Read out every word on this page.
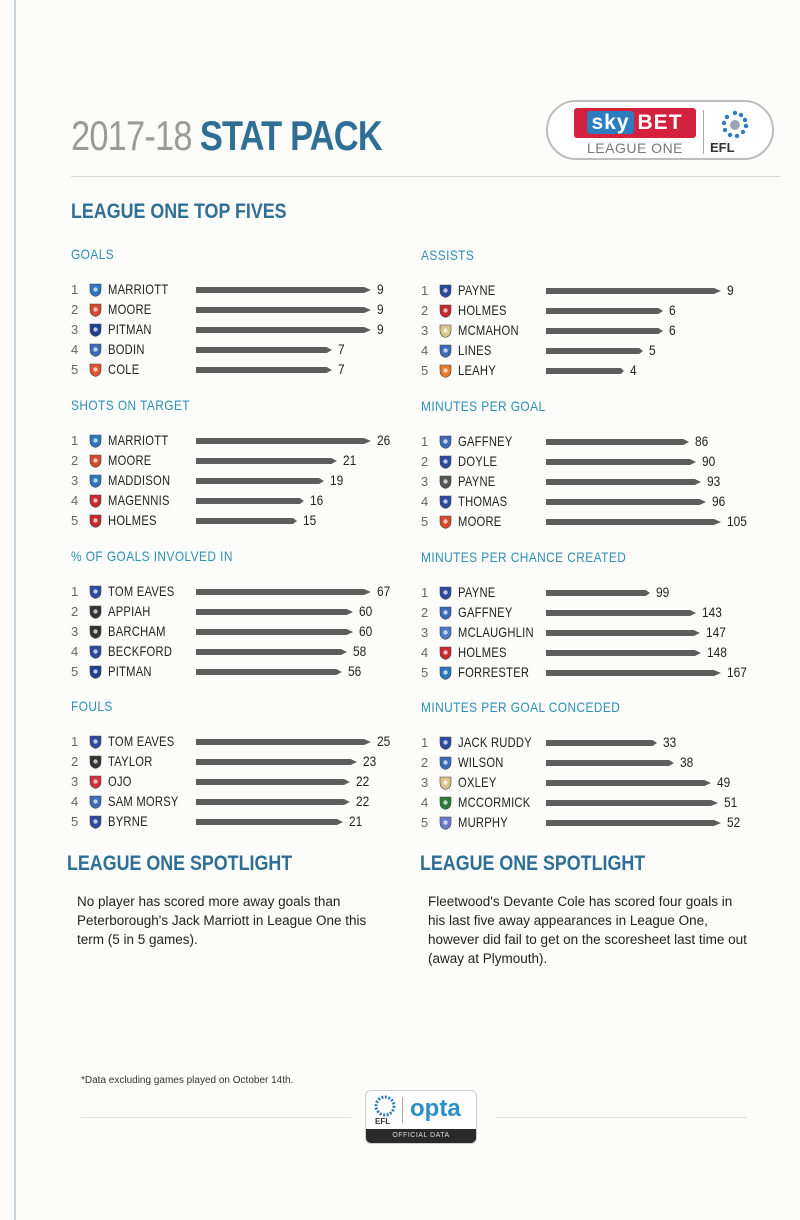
2017-18 STAT PACK	sky BET
LEAGUE ONE	EFL
LEAGUE ONE TOP FIVES
GOALS
1 MARRIOTT	9
2 MOORE	9
3 PITMAN	9
4 BODIN	7
5 COLE	7
ASSISTS
1 PAYNE	9
2 HOLMES	6
3 MCMAHON	6
4 LINES	5
5 LEAHY	4
SHOTS ON TARGET
1 MARRIOTT	26
2 MOORE	21
3 MADDISON	19
4 MAGENNIS	16
5 HOLMES	15
MINUTES PER GOAL
1 GAFFNEY	86
2 DOYLE	90
3 PAYNE	93
4 THOMAS	96
5 MOORE	105
% OF GOALS INVOLVED IN
1 TOM EAVES	67
2 APPIAH	60
3 BARCHAM	60
4 BECKFORD	58
5 PITMAN	56
MINUTES PER CHANCE CREATED
1 PAYNE	99
2 GAFFNEY	143
3 MCLAUGHLIN	147
4 HOLMES	148
5 FORRESTER	167
FOULS
1 TOM EAVES	25
2 TAYLOR	23
3 OJO	22
4 SAM MORSY	22
5 BYRNE	21
MINUTES PER GOAL CONCEDED
1 JACK RUDDY	33
2 WILSON	38
3 OXLEY	49
4 MCCORMICK	51
5 MURPHY	52
LEAGUE ONE SPOTLIGHT
No player has scored more away goals than Peterborough's Jack Marriott in League One this term (5 in 5 games).
LEAGUE ONE SPOTLIGHT
Fleetwood's Devante Cole has scored four goals in his last five away appearances in League One, however did fail to get on the scoresheet last time out (away at Plymouth).
*Data excluding games played on October 14th.
EFL opta
OFFICIAL DATA
